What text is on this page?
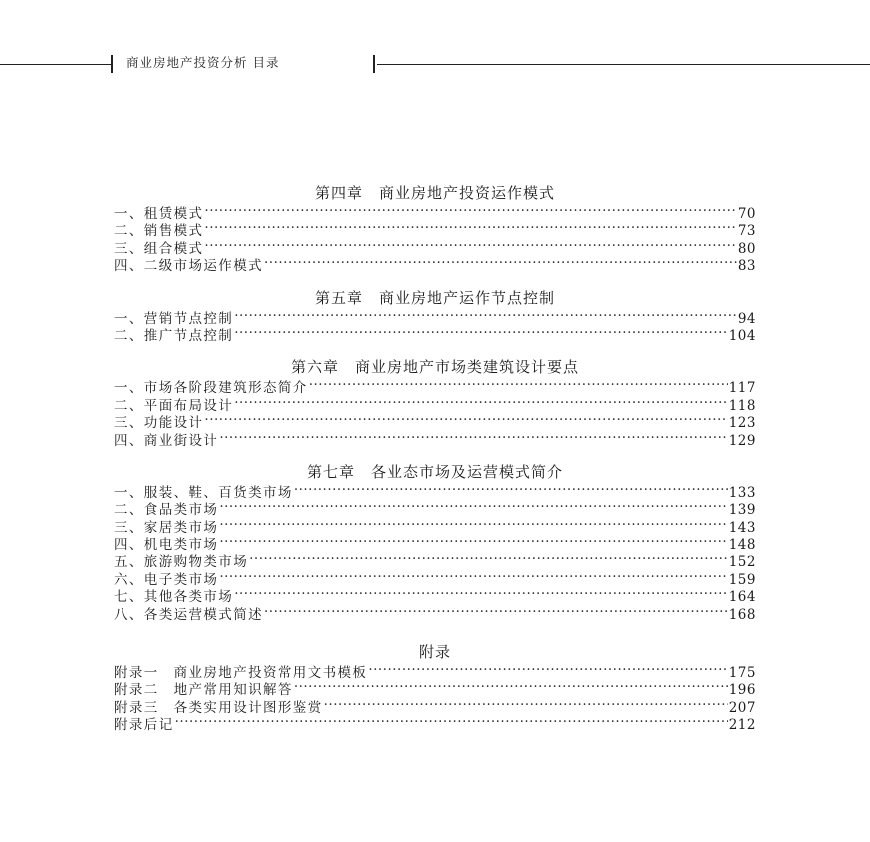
商业房地产投资分析 目录
第四章　商业房地产投资运作模式
一、租赁模式 ·····	70
二、销售模式 ·····	73
三、组合模式 ·····	80
四、二级市场运作模式 ·····	83
第五章　商业房地产运作节点控制
一、营销节点控制 ·····	94
二、推广节点控制 ·····	104
第六章　商业房地产市场类建筑设计要点
一、市场各阶段建筑形态简介 ·····	117
二、平面布局设计 ·····	118
三、功能设计 ·····	123
四、商业街设计 ·····	129
第七章　各业态市场及运营模式简介
一、服装、鞋、百货类市场 ·····	133
二、食品类市场 ·····	139
三、家居类市场 ·····	143
四、机电类市场 ·····	148
五、旅游购物类市场 ·····	152
六、电子类市场 ·····	159
七、其他各类市场 ·····	164
八、各类运营模式简述 ·····	168
附录
附录一　商业房地产投资常用文书模板 ·····	175
附录二　地产常用知识解答 ·····	196
附录三　各类实用设计图形鉴赏 ·····	207
附录后记 ·····	212
